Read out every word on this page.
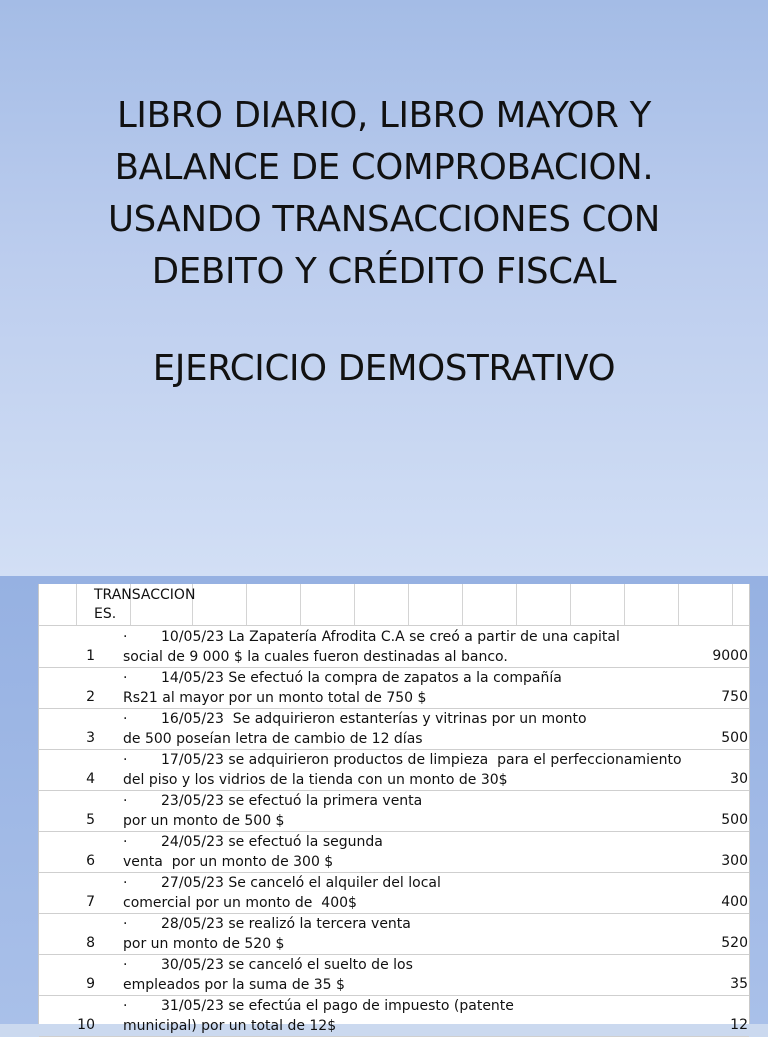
LIBRO DIARIO, LIBRO MAYOR Y
BALANCE DE COMPROBACION.
USANDO TRANSACCIONES CON
DEBITO Y CRÉDITO FISCAL
EJERCICIO DEMOSTRATIVO
TRANSACCION
ES.
1
· 10/05/23 La Zapatería Afrodita C.A se creó a partir de una capital
social de 9 000 $ la cuales fueron destinadas al banco.	9000
2
· 14/05/23 Se efectuó la compra de zapatos a la compañía
Rs21 al mayor por un monto total de 750 $	750
3
· 16/05/23  Se adquirieron estanterías y vitrinas por un monto
de 500 poseían letra de cambio de 12 días	500
4
· 17/05/23 se adquirieron productos de limpieza  para el perfeccionamiento
del piso y los vidrios de la tienda con un monto de 30$	30
5
· 23/05/23 se efectuó la primera venta
por un monto de 500 $	500
6
· 24/05/23 se efectuó la segunda
venta  por un monto de 300 $	300
7
· 27/05/23 Se canceló el alquiler del local
comercial por un monto de  400$	400
8
· 28/05/23 se realizó la tercera venta
por un monto de 520 $	520
9
· 30/05/23 se canceló el suelto de los
empleados por la suma de 35 $	35
10
· 31/05/23 se efectúa el pago de impuesto (patente
municipal) por un total de 12$	12
